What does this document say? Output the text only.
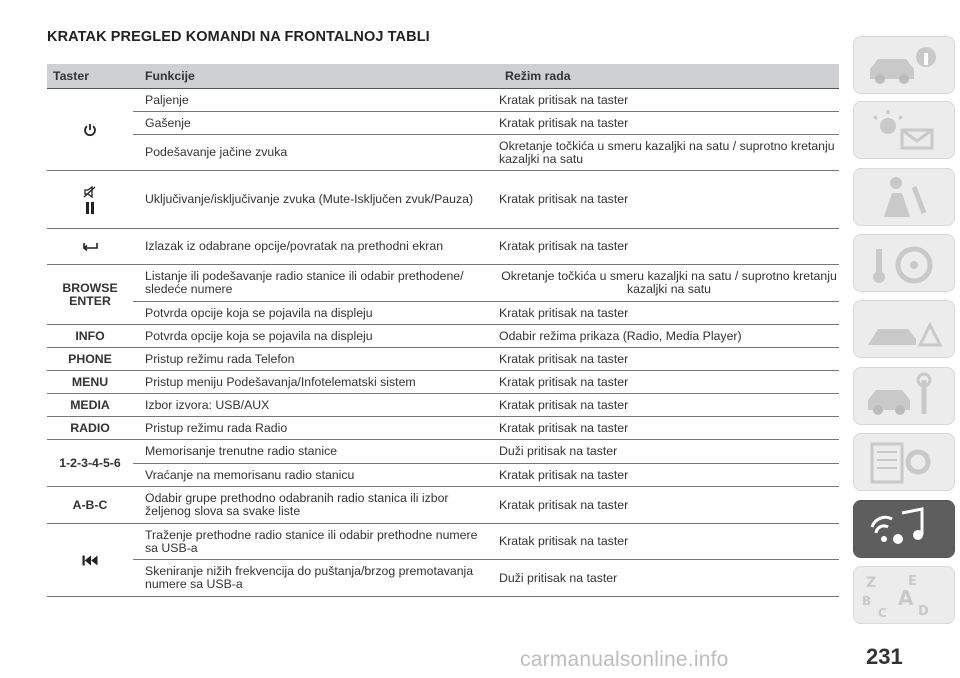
KRATAK PREGLED KOMANDI NA FRONTALNOJ TABLI
Taster	Funkcije	Režim rada
	Paljenje	Kratak pritisak na taster
	Gašenje	Kratak pritisak na taster
	Podešavanje jačine zvuka	Okretanje točkića u smeru kazaljki na satu / suprotno kretanju kazaljki na satu

	Uključivanje/isključivanje zvuka (Mute-Isključen zvuk/Pauza)	Kratak pritisak na taster
	Izlazak iz odabrane opcije/povratak na prethodni ekran	Kratak pritisak na taster
BROWSE ENTER	Listanje ili podešavanje radio stanice ili odabir prethodene/ sledeće numere	Okretanje točkića u smeru kazaljki na satu / suprotno kretanju kazaljki na satu

	Potvrda opcije koja se pojavila na displeju	Kratak pritisak na taster
INFO	Potvrda opcije koja se pojavila na displeju	Odabir režima prikaza (Radio, Media Player)
PHONE	Pristup režimu rada Telefon	Kratak pritisak na taster
MENU	Pristup meniju Podešavanja/Infotelematski sistem	Kratak pritisak na taster
MEDIA	Izbor izvora: USB/AUX	Kratak pritisak na taster
RADIO	Pristup režimu rada Radio	Kratak pritisak na taster
1-2-3-4-5-6	Memorisanje trenutne radio stanice	Duži pritisak na taster
	Vraćanje na memorisanu radio stanicu	Kratak pritisak na taster
A-B-C	Odabir grupe prethodno odabranih radio stanica ili izbor željenog slova sa svake liste	Kratak pritisak na taster
	Traženje prethodne radio stanice ili odabir prethodne numere sa USB-a	Kratak pritisak na taster
	Skeniranje nižih frekvencija do puštanja/brzog premotavanja numere sa USB-a	Duži pritisak na taster	Z E
B A
C D
231
carmanualsonline.info
